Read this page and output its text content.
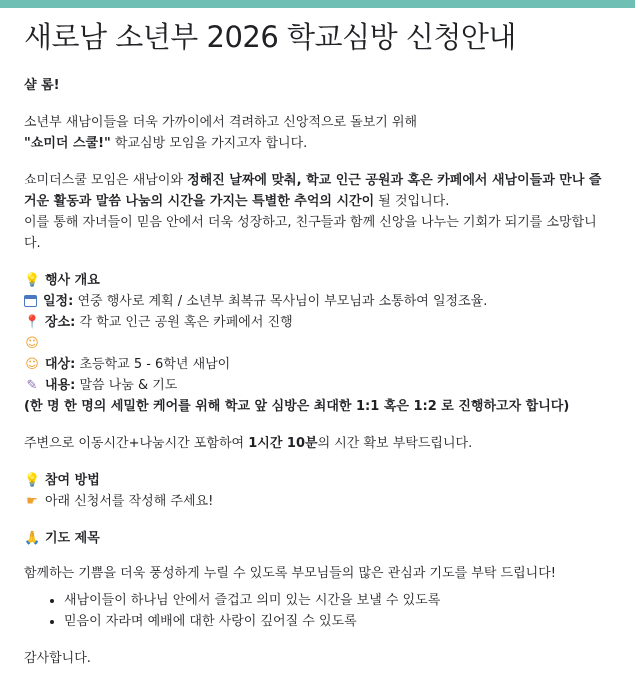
새로남 소년부 2026 학교심방 신청안내

샬 롬!

소년부 새남이들을 더욱 가까이에서 격려하고 신앙적으로 돌보기 위해
"쇼미더 스쿨!" 학교심방 모임을 가지고자 합니다.

쇼미더스쿨 모임은 새남이와 정해진 날짜에 맞춰, 학교 인근 공원과 혹은 카페에서 새남이들과 만나 즐거운 활동과 말씀 나눔의 시간을 가지는 특별한 추억의 시간이 될 것입니다.
이를 통해 자녀들이 믿음 안에서 더욱 성장하고, 친구들과 함께 신앙을 나누는 기회가 되기를 소망합니다.

💡 행사 개요

일정: 연중 행사로 계획 / 소년부 최복규 목사님이 부모님과 소통하여 일정조율.

📍 장소: 각 학교 인근 공원 혹은 카페에서 진행

☺☺ 대상: 초등학교 5 - 6학년 새남이

✎ 내용: 말씀 나눔 & 기도

(한 명 한 명의 세밀한 케어를 위해 학교 앞 심방은 최대한 1:1 혹은 1:2 로 진행하고자 합니다)

주변으로 이동시간+나눔시간 포함하여 1시간 10분의 시간 확보 부탁드립니다.

💡 참여 방법

☛ 아래 신청서를 작성해 주세요!

🙏 기도 제목

함께하는 기쁨을 더욱 풍성하게 누릴 수 있도록 부모님들의 많은 관심과 기도를 부탁 드립니다!

• 새남이들이 하나님 안에서 즐겁고 의미 있는 시간을 보낼 수 있도록
• 믿음이 자라며 예배에 대한 사랑이 깊어질 수 있도록

감사합니다.
